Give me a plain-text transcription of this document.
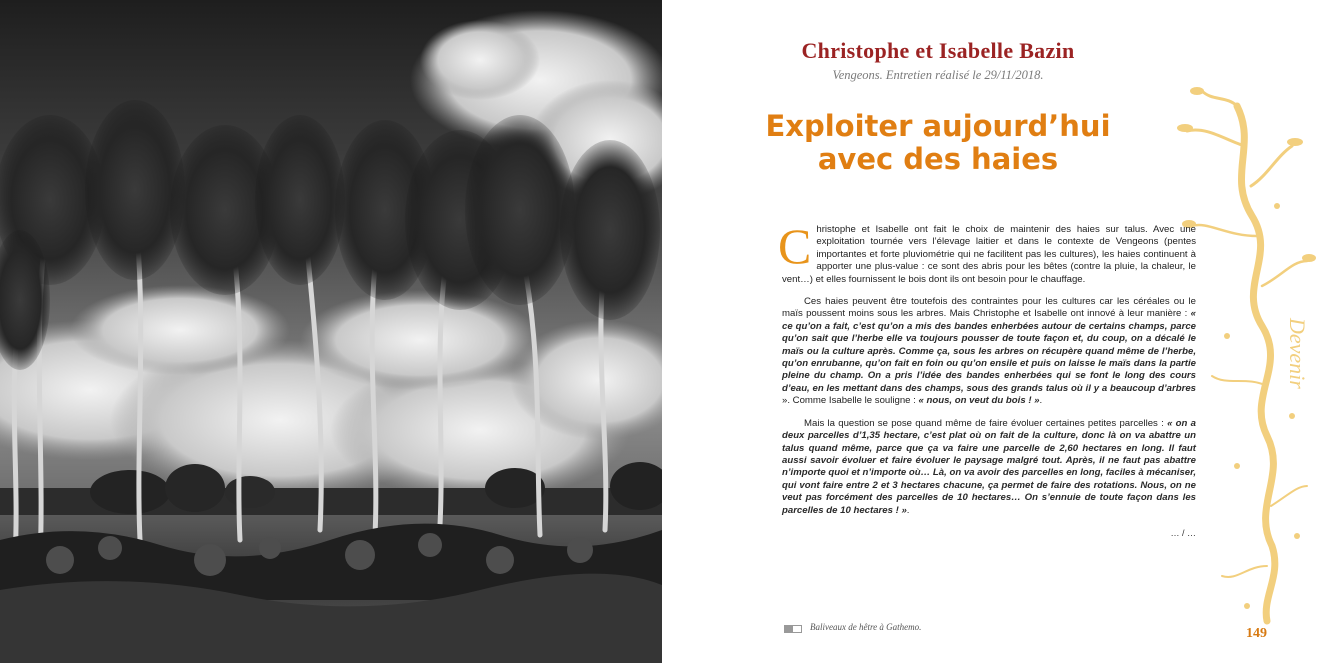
Devenir
Christophe et Isabelle Bazin
Vengeons. Entretien réalisé le 29/11/2018.
Exploiter aujourd’hui
avec des haies

Christophe et Isabelle ont fait le choix de maintenir des haies sur talus. Avec une exploitation tournée vers l’élevage laitier et dans le contexte de Vengeons (pentes importantes et forte pluviométrie qui ne facilitent pas les cultures), les haies continuent à apporter une plus-value : ce sont des abris pour les bêtes (contre la pluie, la chaleur, le vent…) et elles fournissent le bois dont ils ont besoin pour le chauffage.

Ces haies peuvent être toutefois des contraintes pour les cultures car les céréales ou le maïs poussent moins sous les arbres. Mais Christophe et Isabelle ont innové à leur manière : « ce qu’on a fait, c’est qu’on a mis des bandes enherbées autour de certains champs, parce qu’on sait que l’herbe elle va toujours pousser de toute façon et, du coup, on a décalé le maïs ou la culture après. Comme ça, sous les arbres on récupère quand même de l’herbe, qu’on enrubanne, qu’on fait en foin ou qu’on ensile et puis on laisse le maïs dans la partie pleine du champ. On a pris l’idée des bandes enherbées qui se font le long des cours d’eau, en les mettant dans des champs, sous des grands talus où il y a beaucoup d’arbres ». Comme Isabelle le souligne : « nous, on veut du bois ! ».

Mais la question se pose quand même de faire évoluer certaines petites parcelles : « on a deux parcelles d’1,35 hectare, c’est plat où on fait de la culture, donc là on va abattre un talus quand même, parce que ça va faire une parcelle de 2,60 hectares en long. Il faut aussi savoir évoluer et faire évoluer le paysage malgré tout. Après, il ne faut pas abattre n’importe quoi et n’importe où… Là, on va avoir des parcelles en long, faciles à mécaniser, qui vont faire entre 2 et 3 hectares chacune, ça permet de faire des rotations. Nous, on ne veut pas forcément des parcelles de 10 hectares… On s’ennuie de toute façon dans les parcelles de 10 hectares ! ».

… / …
Baliveaux de hêtre à Gathemo.	149
